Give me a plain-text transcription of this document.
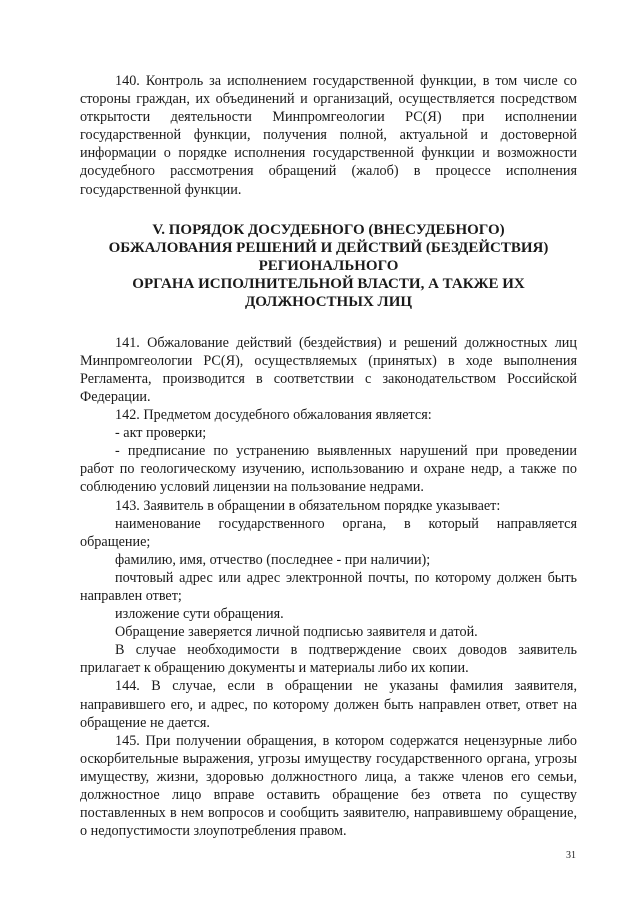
140. Контроль за исполнением государственной функции, в том числе со стороны граждан, их объединений и организаций, осуществляется посредством открытости деятельности Минпромгеологии РС(Я) при исполнении государственной функции, получения полной, актуальной и достоверной информации о порядке исполнения государственной функции и возможности досудебного рассмотрения обращений (жалоб) в процессе исполнения государственной функции.

V. ПОРЯДОК ДОСУДЕБНОГО (ВНЕСУДЕБНОГО)
ОБЖАЛОВАНИЯ РЕШЕНИЙ И ДЕЙСТВИЙ (БЕЗДЕЙСТВИЯ)
РЕГИОНАЛЬНОГО
ОРГАНА ИСПОЛНИТЕЛЬНОЙ ВЛАСТИ, А ТАКЖЕ ИХ
ДОЛЖНОСТНЫХ ЛИЦ

141. Обжалование действий (бездействия) и решений должностных лиц Минпромгеологии РС(Я), осуществляемых (принятых) в ходе выполнения Регламента, производится в соответствии с законодательством Российской Федерации.

142. Предметом досудебного обжалования является:

- акт проверки;

- предписание по устранению выявленных нарушений при проведении работ по геологическому изучению, использованию и охране недр, а также по соблюдению условий лицензии на пользование недрами.

143. Заявитель в обращении в обязательном порядке указывает:

наименование государственного органа, в который направляется обращение;

фамилию, имя, отчество (последнее - при наличии);

почтовый адрес или адрес электронной почты, по которому должен быть направлен ответ;

изложение сути обращения.

Обращение заверяется личной подписью заявителя и датой.

В случае необходимости в подтверждение своих доводов заявитель прилагает к обращению документы и материалы либо их копии.

144. В случае, если в обращении не указаны фамилия заявителя, направившего его, и адрес, по которому должен быть направлен ответ, ответ на обращение не дается.

145. При получении обращения, в котором содержатся нецензурные либо оскорбительные выражения, угрозы имуществу государственного органа, угрозы имуществу, жизни, здоровью должностного лица, а также членов его семьи, должностное лицо вправе оставить обращение без ответа по существу поставленных в нем вопросов и сообщить заявителю, направившему обращение, о недопустимости злоупотребления правом.

31
